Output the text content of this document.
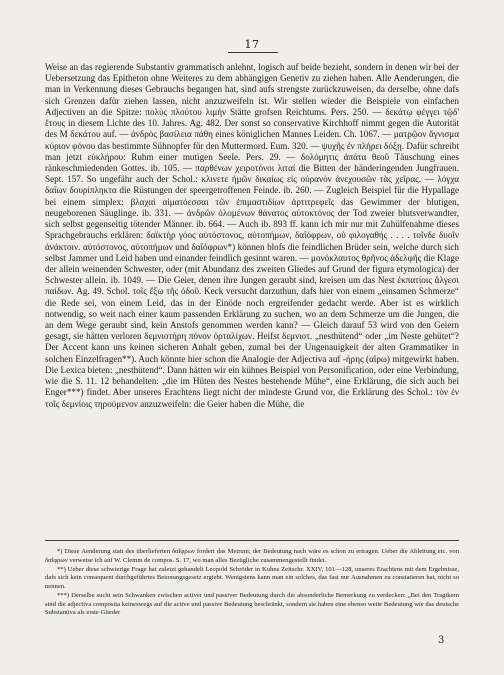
17

Weise an das regierende Substantiv grammatisch anlehnt, logisch auf beide bezieht, sondern in denen wir bei der Uebersetzung das Epitheton ohne Weiteres zu dem abhängigen Genetiv zu ziehen haben. Alle Aenderungen, die man in Verkennung dieses Gebrauchs begangen hat, sind aufs strengste zurückzuweisen, da derselbe, ohne dafs sich Grenzen dafür ziehen lassen, nicht anzuzweifeln ist. Wir stellen wieder die Beispiele von einfachen Adjectiven an die Spitze: πολὺς πλούτου λιμὴν Stätte grofsen Reichtums. Pers. 250. — δεκάτῳ φέγγει τῷδ' ἔτους in diesem Lichte des 10. Jahres. Ag. 482. Der sonst so conservative Kirchhoff nimmt gegen die Autorität des M δεκάτου auf. — ἀνδρὸς βασίλεια πάθη eines königlichen Mannes Leiden. Ch. 1067. — ματρῷον ἄγνισμα κύριον φόνου das bestimmte Sühnopfer für den Muttermord. Eum. 320. — ψυχῆς ἐν πλήρει δόξῃ. Dafür schreibt man jetzt εὐκλήρου: Ruhm einer mutigen Seele. Pers. 29. — δολόμητις ἀπάτα θεοῦ Täuschung eines ränkeschmiedenden Gottes. ib. 105. — παρθένων χειροτόνοι λιταί die Bitten der händeringenden Jungfrauen. Sept. 157. So ungefähr auch der Schol.: κλινετε ἡμῶν δικαίως εἰς οὐρανὸν ἀνεχουσῶν τὰς χεῖρας. — λόγχα δαΐων δουρίπληκτα die Rüstungen der speergetroffenen Feinde. ib. 260. — Zugleich Beispiel für die Hypallage bei einem simplex: βλαχαὶ αἱματόεσσαι τῶν ἐπιμαστιδίων ἀρτιτρεφεῖς das Gewimmer der blutigen, neugeborenen Säuglinge. ib. 331. — ἀνδρῶν ὀλομένων θάνατος αὐτοκτόνος der Tod zweier blutsverwandter, sich selbst gegenseitig tötender Männer. ib. 664. — Auch ib. 893 ff. kann ich mir nur mit Zuhülfenahme dieses Sprachgebrauchs erklären: δαϊκτὴρ γόος αὐτόστονος, αὐτοπήμων, δαΐόφρων, οὐ φιλογαθής . . . . τοῖνδε δυοῖν ἀνάκτοιν. αὐτόστονος, αὐτοπήμων und δαΐόφρων*) können blofs die feindlichen Brüder sein, welche durch sich selbst Jammer und Leid haben und einander feindlich gesinnt waren. — μονόκλαυτος θρῆνος ἀδελφῆς die Klage der allein weinenden Schwester, oder (mit Abundanz des zweiten Gliedes auf Grund der figura etymologica) der Schwester allein. ib. 1049. — Die Geier, denen ihre Jungen geraubt sind, kreisen um das Nest ἐκπατίοις ἄλγεσι παίδων. Ag. 49. Schol. τοῖς ἔξω τῆς ὁδοῦ. Keck versucht darzuthun, dafs hier von einem „einsamen Schmerze“ die Rede sei, von einem Leid, das in der Einöde noch ergreifender gedacht werde. Aber ist es wirklich notwendig, so weit nach einer kaum passenden Erklärung zu suchen, wo an dem Schmerze um die Jungen, die an dem Wege geraubt sind, kein Anstofs genommen werden kann? — Gleich darauf 53 wird von den Geiern gesagt, sie hätten verloren δεμνιοτήρη πόνον ὀρταλίχων. Heifst δεμνιοτ. „nesthütend“ oder „im Neste gehütet“? Der Accent kann uns keinen sicheren Anhalt geben, zumal bei der Ungenauigkeit der alten Grammatiker in solchen Einzelfragen**). Auch könnte hier schon die Analogie der Adjectiva auf -ήρης (αἴρω) mitgewirkt haben. Die Lexica bieten: „nesthütend“. Dann hätten wir ein kühnes Beispiel von Personification, oder eine Verbindung, wie die S. 11. 12 behandelten: „die im Hüten des Nestes bestehende Mühe“, eine Erklärung, die sich auch bei Enger***) findet. Aber unseres Erachtens liegt nicht der mindeste Grund vor, die Erklärung des Schol.: τὸν ἐν τοῖς δεμνίοις τηρούμενον anzuzweifeln: die Geier haben die Mühe, die

*) Diese Aenderung statt des überlieferten δαΐφρων fordert das Metrum; der Bedeutung nach wäre es schon zu ertragen. Ueber die Ableitung etc. von δαΐφρων verweise ich auf W. Clemm de compos. S. 17, wo man alles Bezügliche zusammengestellt findet.

**) Ueber diese schwierige Frage hat zuletzt gehandelt Leopold Schröder in Kuhns Zeitschr. XXIV, 101—128, unseres Erachtens mit dem Ergebnisse, dafs sich kein consequent durchgeführtes Betonungsgesetz ergiebt. Wenigstens kann man ein solches, das fast nur Ausnahmen zu constatieren hat, nicht so nennen.

***) Derselbe sucht sein Schwanken zwischen activer und passiver Bedeutung durch die absonderliche Bemerkung zu verdecken: „Bei den Tragikern sind die adjectiva composita keineswegs auf die active und passive Bedeutung beschränkt, sondern sie haben eine ebenso weite Bedeutung wie das deutsche Substantiva als erste Glieder

3
